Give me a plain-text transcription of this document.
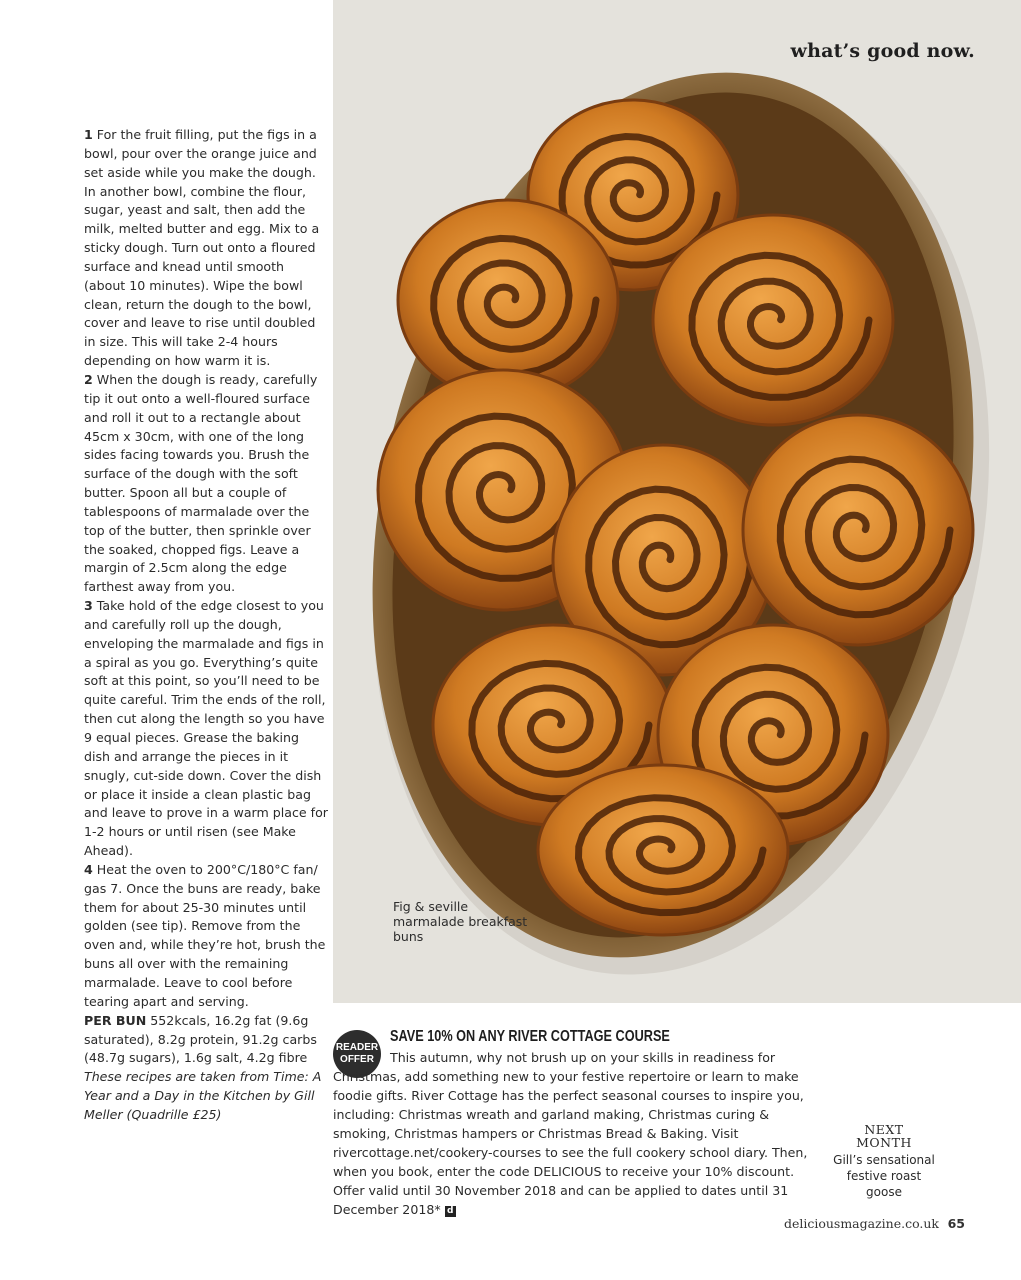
Fig & seville marmalade breakfast buns
what’s good now.

1 For the fruit filling, put the figs in a bowl, pour over the orange juice and set aside while you make the dough. In another bowl, combine the flour, sugar, yeast and salt, then add the milk, melted butter and egg. Mix to a sticky dough. Turn out onto a floured surface and knead until smooth (about 10 minutes). Wipe the bowl clean, return the dough to the bowl, cover and leave to rise until doubled in size. This will take 2-4 hours depending on how warm it is.

2 When the dough is ready, carefully tip it out onto a well-floured surface and roll it out to a rectangle about 45cm x 30cm, with one of the long sides facing towards you. Brush the surface of the dough with the soft butter. Spoon all but a couple of tablespoons of marmalade over the top of the butter, then sprinkle over the soaked, chopped figs. Leave a margin of 2.5cm along the edge farthest away from you.

3 Take hold of the edge closest to you and carefully roll up the dough, enveloping the marmalade and figs in a spiral as you go. Everything’s quite soft at this point, so you’ll need to be quite careful. Trim the ends of the roll, then cut along the length so you have 9 equal pieces. Grease the baking dish and arrange the pieces in it snugly, cut-side down. Cover the dish or place it inside a clean plastic bag and leave to prove in a warm place for 1-2 hours or until risen (see Make Ahead).

4 Heat the oven to 200°C/180°C fan/ gas 7. Once the buns are ready, bake them for about 25-30 minutes until golden (see tip). Remove from the oven and, while they’re hot, brush the buns all over with the remaining marmalade. Leave to cool before tearing apart and serving.

PER BUN 552kcals, 16.2g fat (9.6g saturated), 8.2g protein, 91.2g carbs (48.7g sugars), 1.6g salt, 4.2g fibre

These recipes are taken from Time: A Year and a Day in the Kitchen by Gill Meller (Quadrille £25)

READER
OFFER
SAVE 10% ON ANY RIVER COTTAGE COURSE
This autumn, why not brush up on your skills in readiness for Christmas, add something new to your festive repertoire or learn to make foodie gifts. River Cottage has the perfect seasonal courses to inspire you, including: Christmas wreath and garland making, Christmas curing & smoking, Christmas hampers or Christmas Bread & Baking. Visit rivercottage.net/cookery-courses to see the full cookery school diary. Then, when you book, enter the code DELICIOUS to receive your 10% discount. Offer valid until 30 November 2018 and can be applied to dates until 31 December 2018* d
NEXT
MONTH
Gill’s sensational festive roast goose
deliciousmagazine.co.uk 65
